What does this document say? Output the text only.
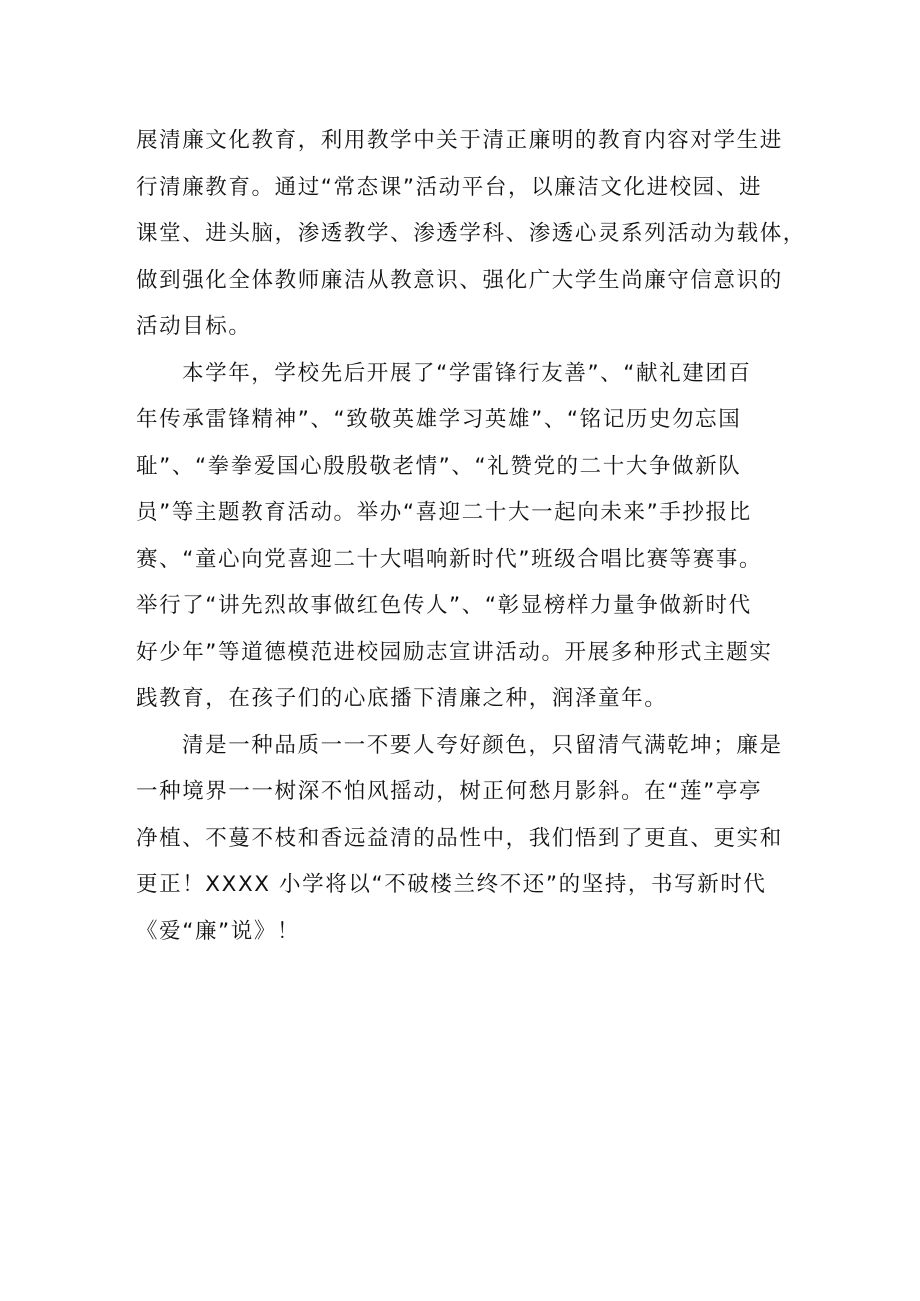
展清廉文化教育，利用教学中关于清正廉明的教育内容对学生进
行清廉教育。通过“常态课”活动平台，以廉洁文化进校园、进
课堂、进头脑，渗透教学、渗透学科、渗透心灵系列活动为载体，
做到强化全体教师廉洁从教意识、强化广大学生尚廉守信意识的
活动目标。

本学年，学校先后开展了“学雷锋行友善”、“献礼建团百
年传承雷锋精神”、“致敬英雄学习英雄”、“铭记历史勿忘国
耻”、“拳拳爱国心殷殷敬老情”、“礼赞党的二十大争做新队
员”等主题教育活动。举办“喜迎二十大一起向未来”手抄报比
赛、“童心向党喜迎二十大唱响新时代”班级合唱比赛等赛事。
举行了“讲先烈故事做红色传人”、“彰显榜样力量争做新时代
好少年”等道德模范进校园励志宣讲活动。开展多种形式主题实
践教育，在孩子们的心底播下清廉之种，润泽童年。

清是一种品质一一不要人夸好颜色，只留清气满乾坤；廉是
一种境界一一树深不怕风摇动，树正何愁月影斜。在“莲”亭亭
净植、不蔓不枝和香远益清的品性中，我们悟到了更直、更实和
更正！XXXX 小学将以“不破楼兰终不还”的坚持，书写新时代
《爱“廉”说》！
